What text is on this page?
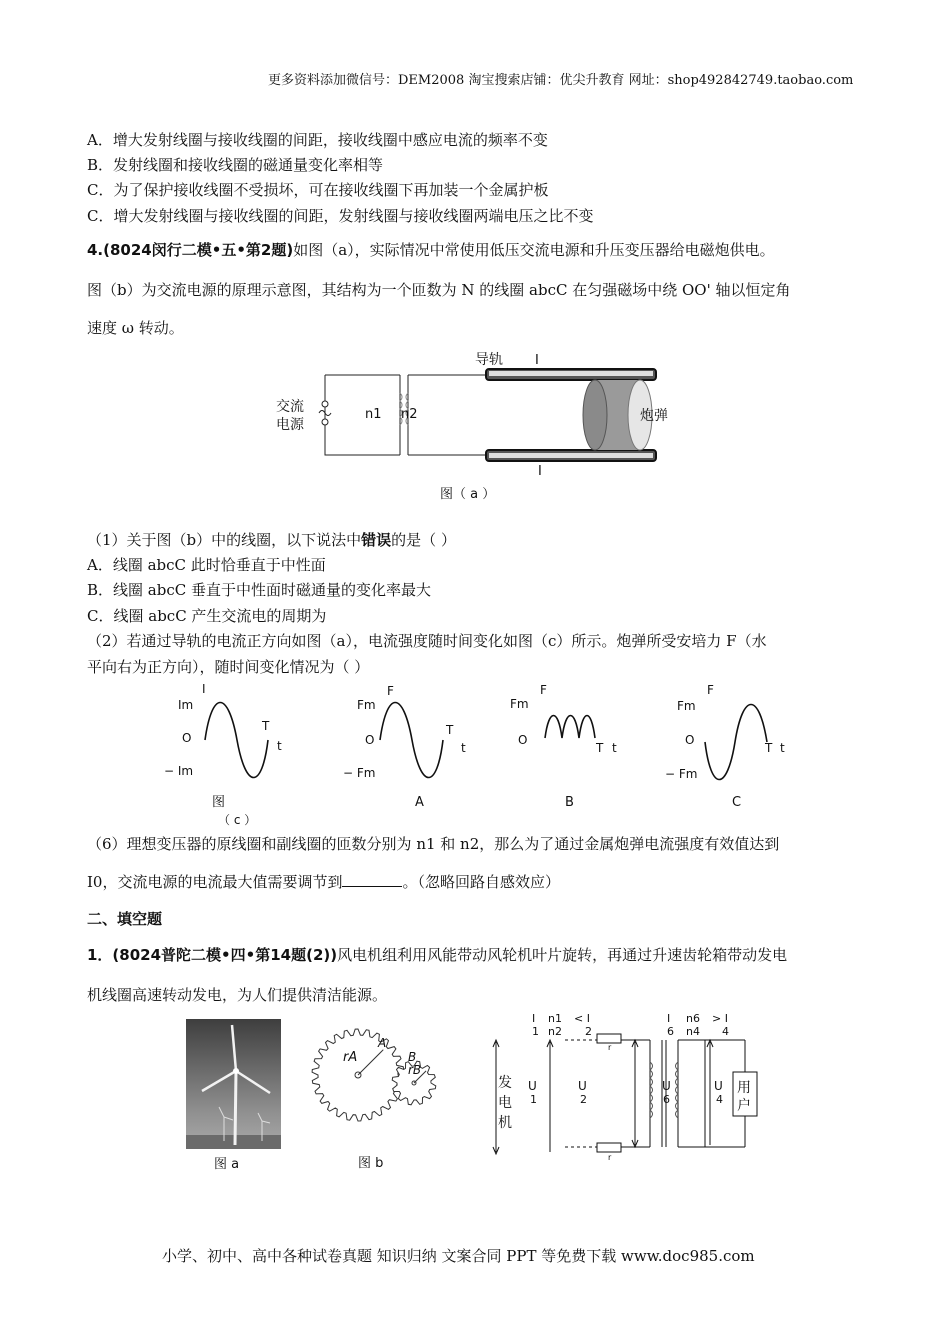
更多资料添加微信号：DEM2008 淘宝搜索店铺：优尖升教育 网址：shop492842749.taobao.com
A．增大发射线圈与接收线圈的间距，接收线圈中感应电流的频率不变
B．发射线圈和接收线圈的磁通量变化率相等
C．为了保护接收线圈不受损坏，可在接收线圈下再加装一个金属护板
C．增大发射线圈与接收线圈的间距，发射线圈与接收线圈两端电压之比不变
4.(8024闵行二模•五•第2题)如图（a），实际情况中常使用低压交流电源和升压变压器给电磁炮供电。
图（b）为交流电源的原理示意图，其结构为一个匝数为 N 的线圈 abcC 在匀强磁场中绕 OO' 轴以恒定角
速度 ω 转动。
交流
电源
n1 n2
导轨 I
I
炮弹
图（ a ）
（1）关于图（b）中的线圈，以下说法中错误的是（ ）
A．线圈 abcC 此时恰垂直于中性面
B．线圈 abcC 垂直于中性面时磁通量的变化率最大
C．线圈 abcC 产生交流电的周期为
（2）若通过导轨的电流正方向如图（a），电流强度随时间变化如图（c）所示。炮弹所受安培力 F（水
平向右为正方向），随时间变化情况为（ ）
I
Im
O
− Im
T
t
图
（ c ）
F
Fm
O
− Fm
T
t
A
F
Fm
O
T t
B
F
Fm
O
− Fm
T t
C
（6）理想变压器的原线圈和副线圈的匝数分别为 n1 和 n2，那么为了通过金属炮弹电流强度有效值达到
I0，交流电源的电流最大值需要调节到	。（忽略回路自感效应）
二、填空题
1．(8024普陀二模•四•第14题(2))风电机组利用风能带动风轮机叶片旋转，再通过升速齿轮箱带动发电
机线圈高速转动发电，为人们提供清洁能源。
图 a
rA
A
B
rB
图 b
I n1 < I	I n6 > I
1 n2 2	6 n4 4
发
电
机
U
1
r
r
U
2
U
6
用
户
U
4
小学、初中、高中各种试卷真题 知识归纳 文案合同 PPT 等免费下载 www.doc985.com
